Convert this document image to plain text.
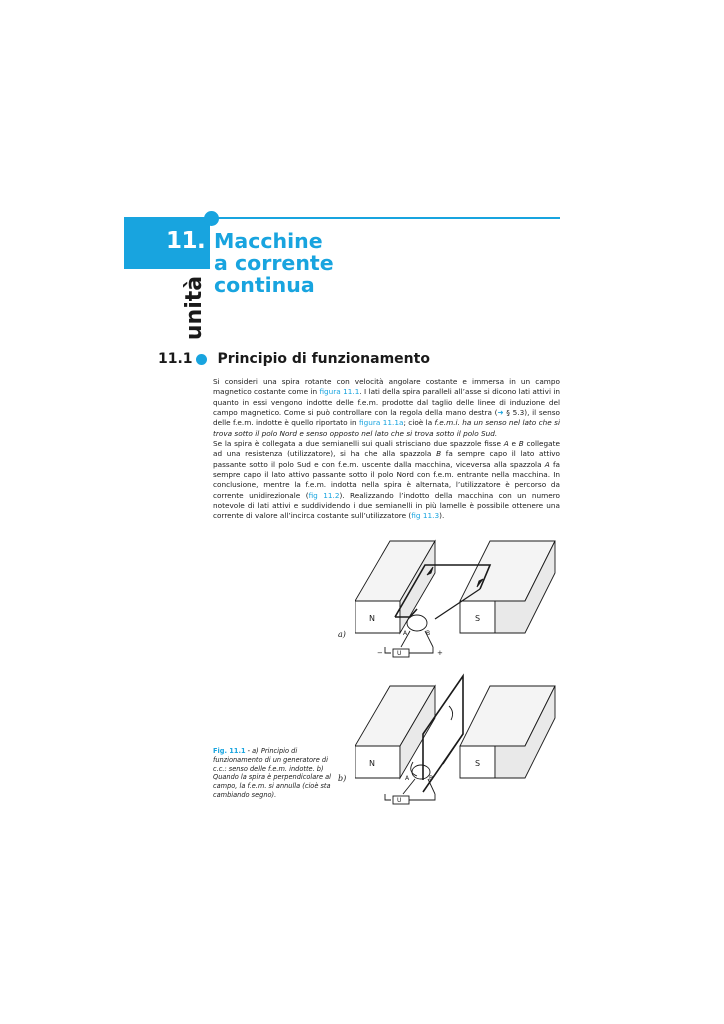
11.
unità
Macchine
a corrente
continua
11.1 Principio di funzionamento

Si consideri una spira rotante con velocità angolare costante e immersa in un campo magnetico costante come in figura 11.1. I lati della spira paralleli all’asse si dicono lati attivi in quanto in essi vengono indotte delle f.e.m. prodotte dal taglio delle linee di induzione del campo magnetico. Come si può controllare con la regola della mano destra (➜ § 5.3), il senso delle f.e.m. indotte è quello riportato in figura 11.1a; cioè la f.e.m.i. ha un senso nel lato che si trova sotto il polo Nord e senso opposto nel lato che si trova sotto il polo Sud.

Se la spira è collegata a due semianelli sui quali strisciano due spazzole fisse A e B collegate ad una resistenza (utilizzatore), si ha che alla spazzola B fa sempre capo il lato attivo passante sotto il polo Sud e con f.e.m. uscente dalla macchina, viceversa alla spazzola A fa sempre capo il lato attivo passante sotto il polo Nord con f.e.m. entrante nella macchina. In conclusione, mentre la f.e.m. indotta nella spira è alternata, l’utilizzatore è percorso da corrente unidirezionale (fig 11.2). Realizzando l’indotto della macchina con un numero notevole di lati attivi e suddividendo i due semianelli in più lamelle è possibile ottenere una corrente di valore all’incirca costante sull’utilizzatore (fig 11.3).

Fig. 11.1 - a) Principio di funzionamento di un generatore di c.c.: senso delle f.e.m. indotte. b) Quando la spira è perpendicolare al campo, la f.e.m. si annulla (cioè sta cambiando segno).
a)
b)
N	S
A	B
U
−	+
N	S
A	B
U
